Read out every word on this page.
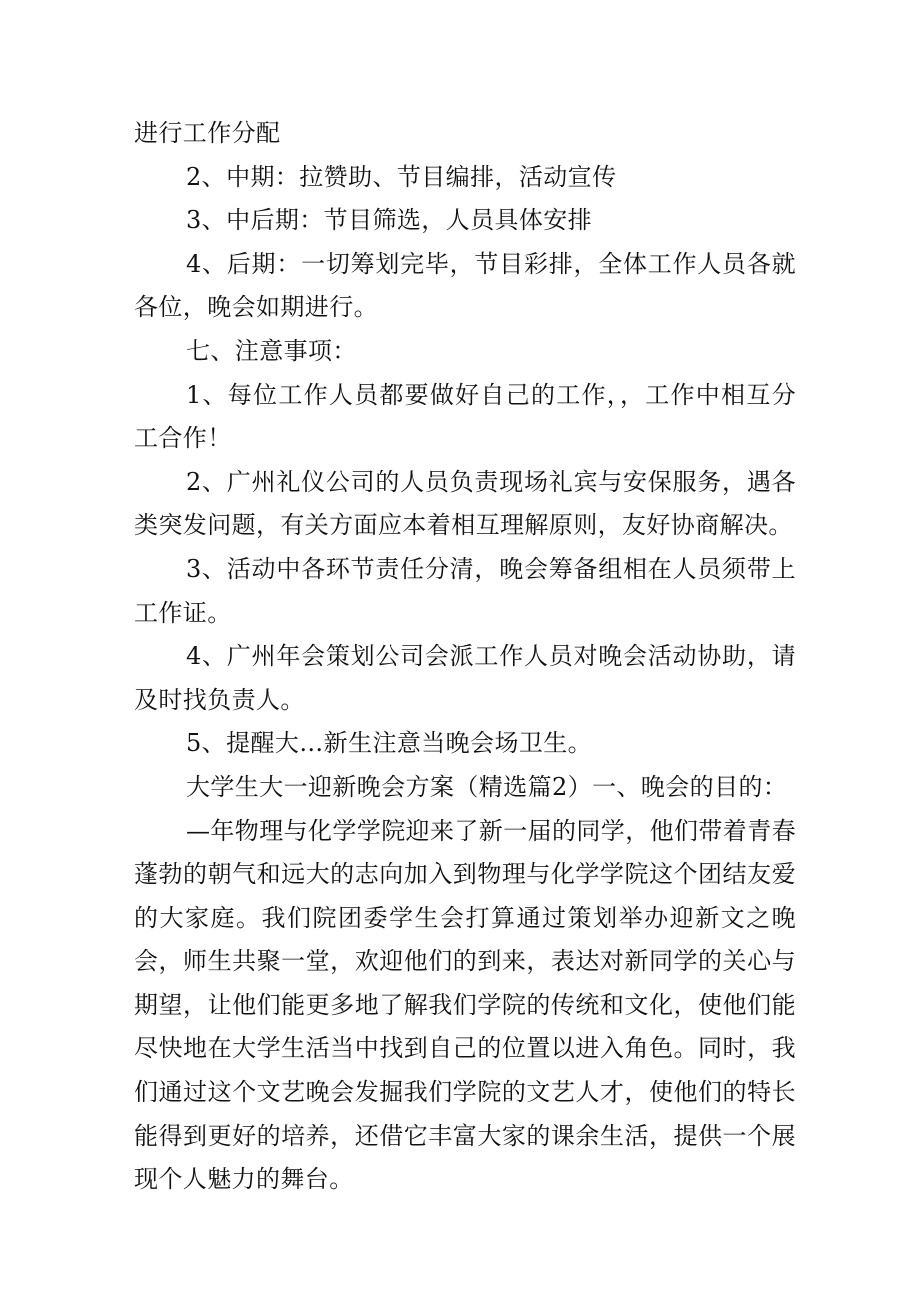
进行工作分配

2、中期：拉赞助、节目编排，活动宣传

3、中后期：节目筛选，人员具体安排

4、后期：一切筹划完毕，节目彩排，全体工作人员各就各位，晚会如期进行。

七、注意事项：

1、每位工作人员都要做好自己的工作，，工作中相互分工合作！

2、广州礼仪公司的人员负责现场礼宾与安保服务，遇各类突发问题，有关方面应本着相互理解原则，友好协商解决。

3、活动中各环节责任分清，晚会筹备组相在人员须带上工作证。

4、广州年会策划公司会派工作人员对晚会活动协助，请及时找负责人。

5、提醒大…新生注意当晚会场卫生。

大学生大一迎新晚会方案（精选篇2）一、晚会的目的：

—年物理与化学学院迎来了新一届的同学，他们带着青春蓬勃的朝气和远大的志向加入到物理与化学学院这个团结友爱的大家庭。我们院团委学生会打算通过策划举办迎新文之晚会，师生共聚一堂，欢迎他们的到来，表达对新同学的关心与期望，让他们能更多地了解我们学院的传统和文化，使他们能尽快地在大学生活当中找到自己的位置以进入角色。同时，我们通过这个文艺晚会发掘我们学院的文艺人才，使他们的特长能得到更好的培养，还借它丰富大家的课余生活，提供一个展现个人魅力的舞台。
